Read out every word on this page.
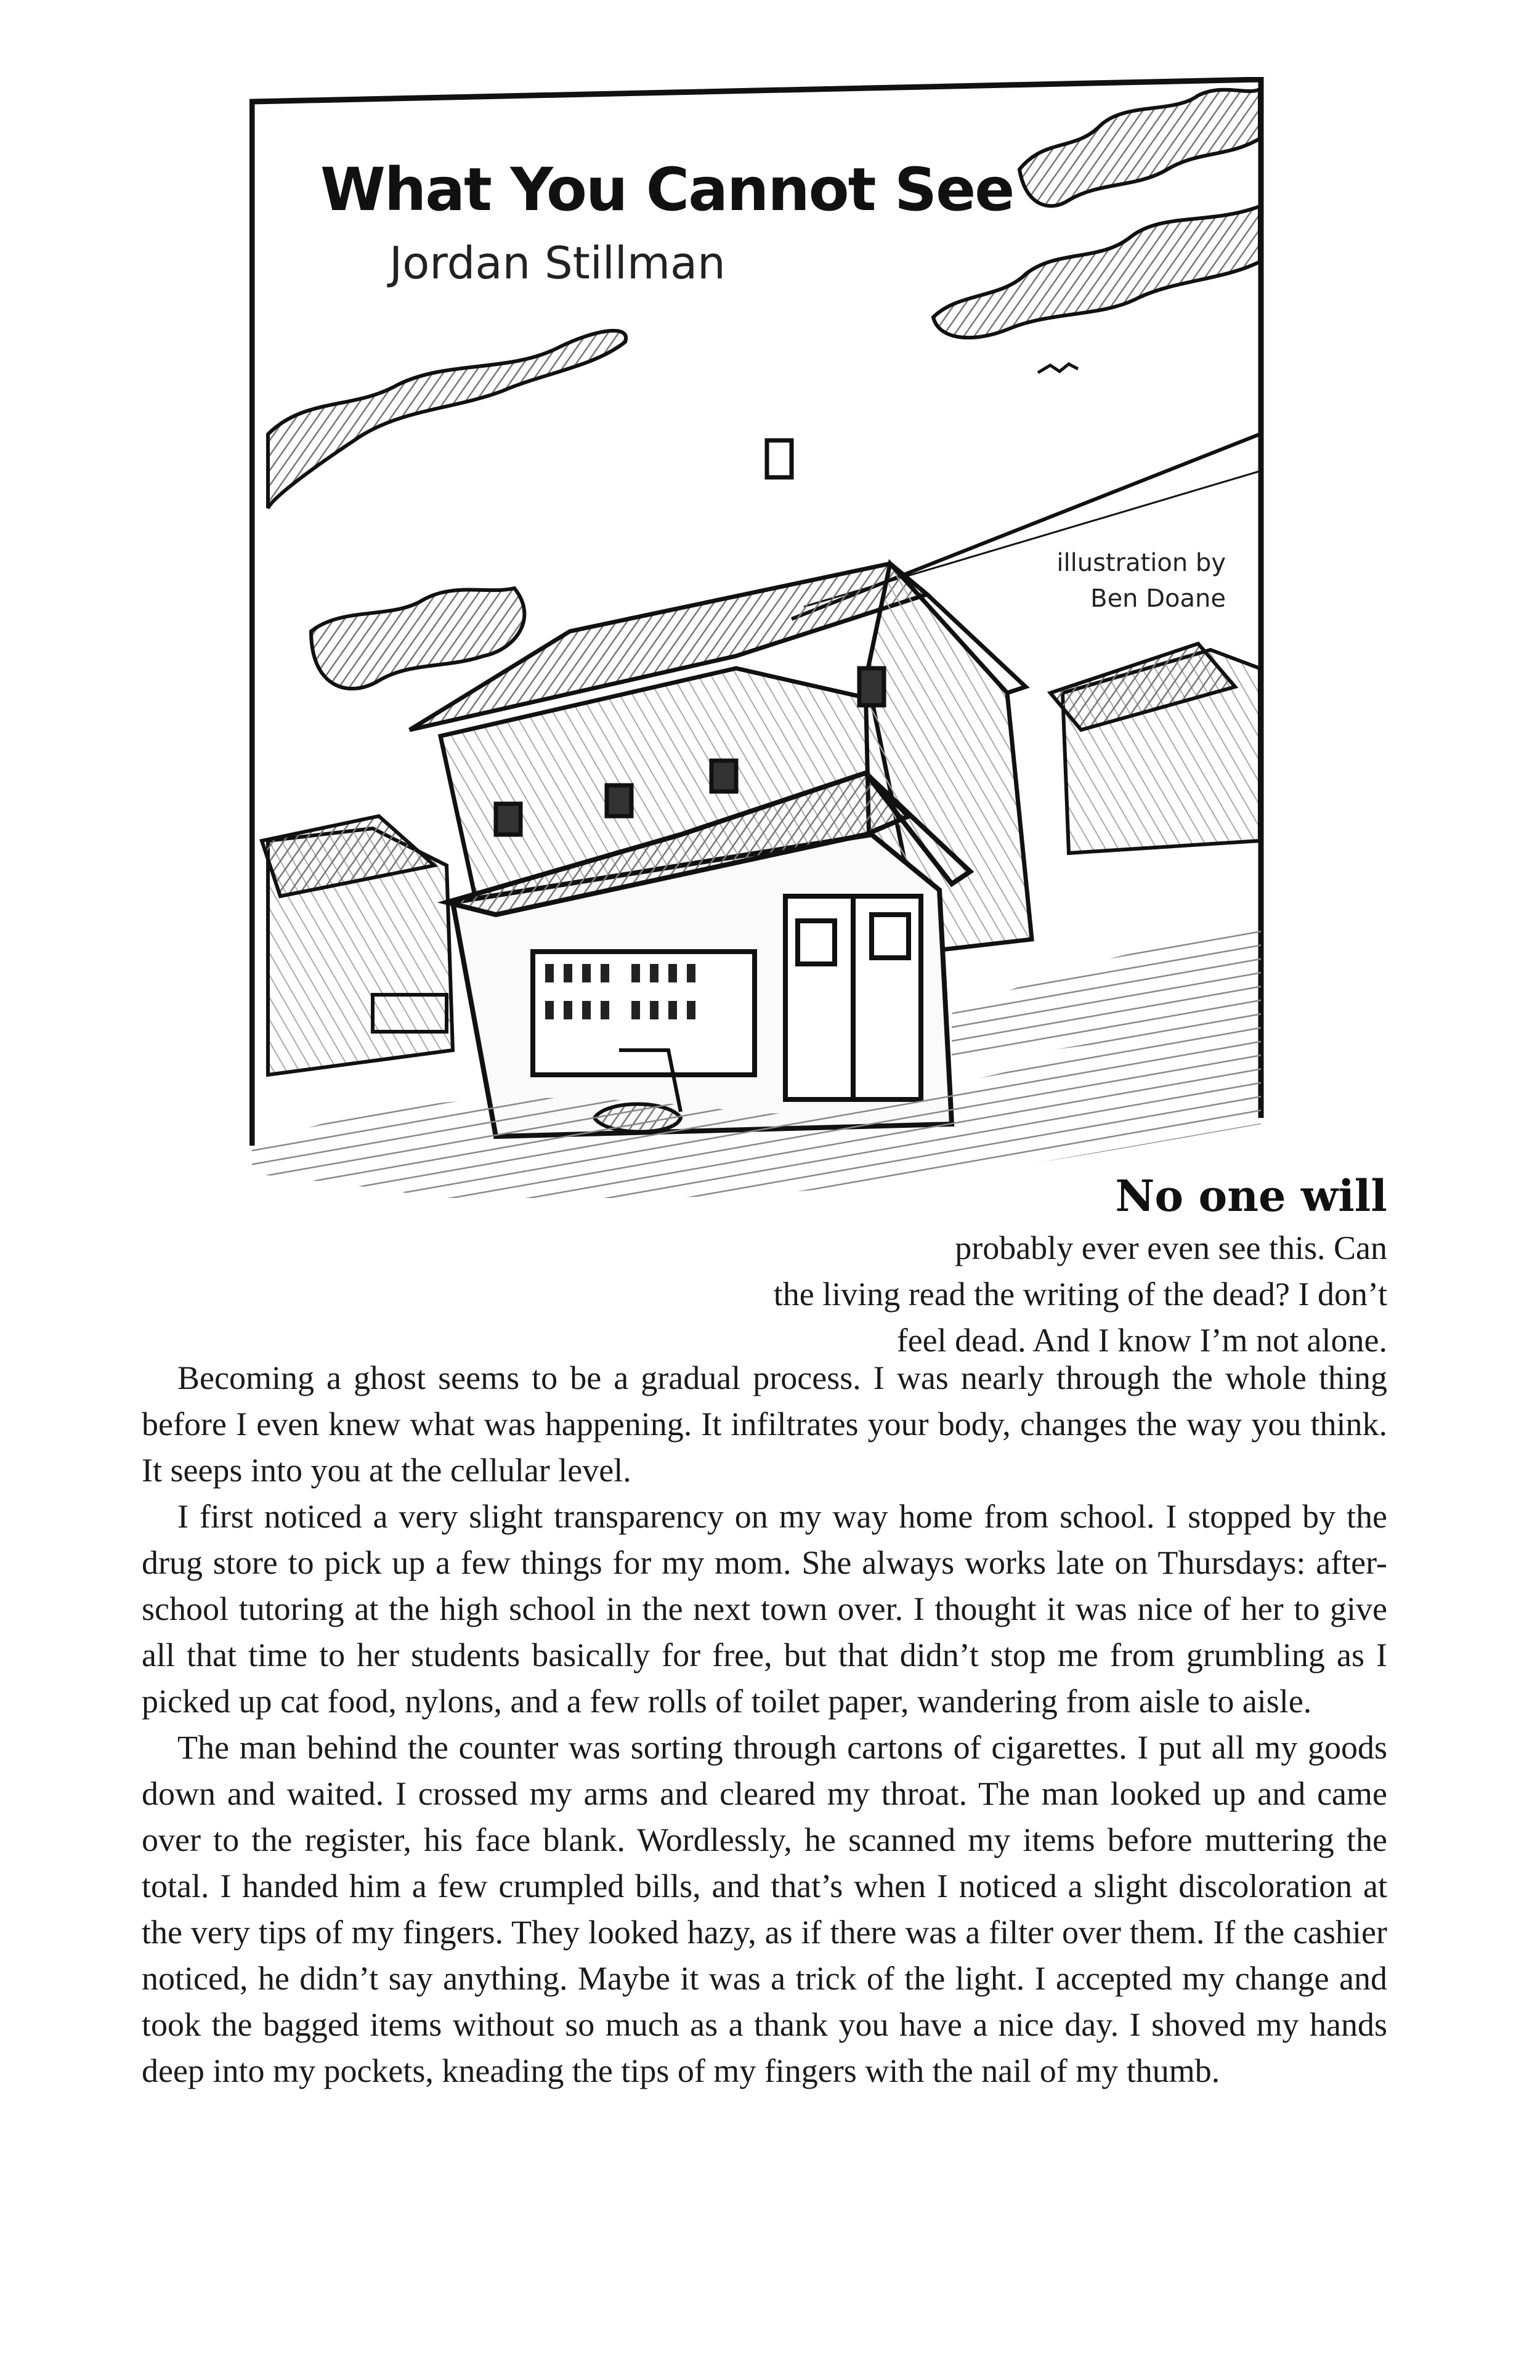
What You Cannot See
Jordan Stillman
illustration by
Ben Doane
No one will
probably ever even see this. Can
the living read the writing of the dead? I don’t
feel dead. And I know I’m not alone.

Becoming a ghost seems to be a gradual process. I was nearly through the whole thing before I even knew what was happening. It infiltrates your body, changes the way you think. It seeps into you at the cellular level.

I first noticed a very slight transparency on my way home from school. I stopped by the drug store to pick up a few things for my mom. She always works late on Thursdays: after-school tutoring at the high school in the next town over. I thought it was nice of her to give all that time to her students basically for free, but that didn’t stop me from grumbling as I picked up cat food, nylons, and a few rolls of toilet paper, wandering from aisle to aisle.

The man behind the counter was sorting through cartons of cigarettes. I put all my goods down and waited. I crossed my arms and cleared my throat. The man looked up and came over to the register, his face blank. Wordlessly, he scanned my items before muttering the total. I handed him a few crumpled bills, and that’s when I noticed a slight discoloration at the very tips of my fingers. They looked hazy, as if there was a filter over them. If the cashier noticed, he didn’t say anything. Maybe it was a trick of the light. I accepted my change and took the bagged items without so much as a thank you have a nice day. I shoved my hands deep into my pockets, kneading the tips of my fingers with the nail of my thumb.
